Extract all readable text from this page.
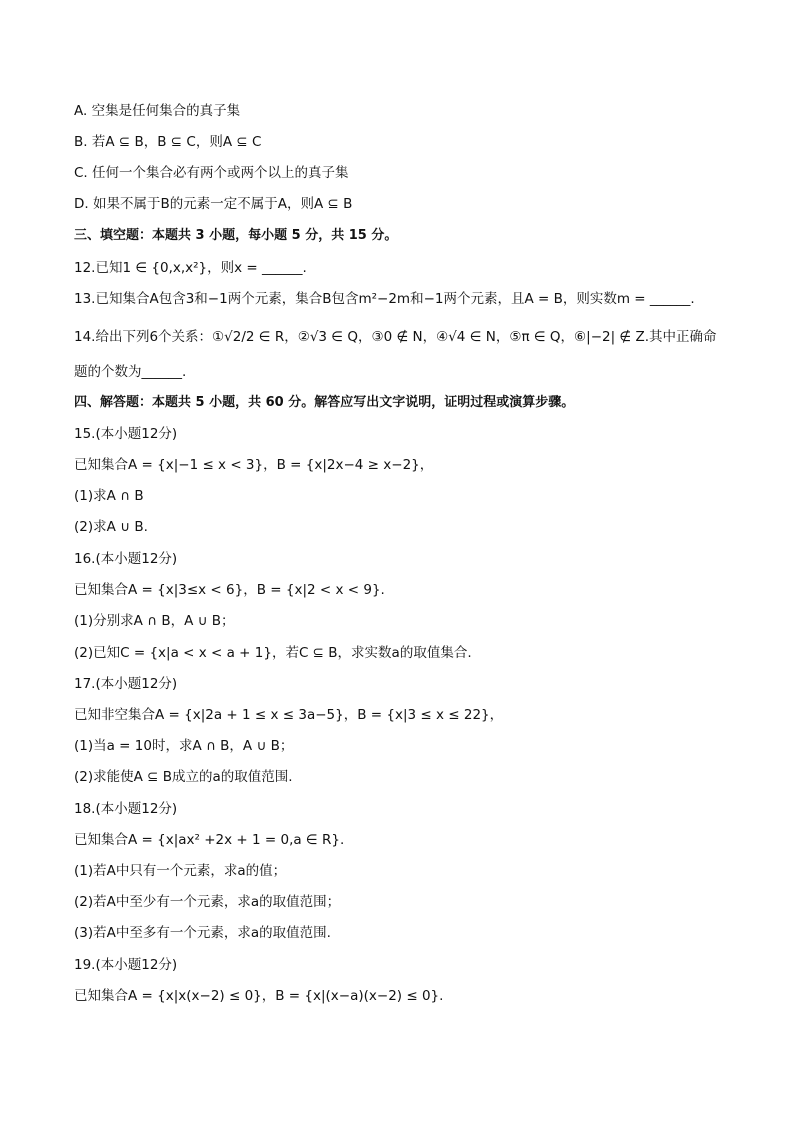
A. 空集是任何集合的真子集
B. 若A ⊆ B，B ⊆ C，则A ⊆ C
C. 任何一个集合必有两个或两个以上的真子集
D. 如果不属于B的元素一定不属于A，则A ⊆ B
三、填空题：本题共 3 小题，每小题 5 分，共 15 分。
12.已知1 ∈ {0,x,x²}，则x = ______.
13.已知集合A包含3和−1两个元素，集合B包含m²−2m和−1两个元素，且A = B，则实数m = ______.
14.给出下列6个关系：①√2/2 ∈ R，②√3 ∈ Q，③0 ∉ N，④√4 ∈ N，⑤π ∈ Q，⑥|−2| ∉ Z.其中正确命
题的个数为______.
四、解答题：本题共 5 小题，共 60 分。解答应写出文字说明，证明过程或演算步骤。
15.(本小题12分)
已知集合A = {x|−1 ≤ x < 3}，B = {x|2x−4 ≥ x−2}，
(1)求A ∩ B
(2)求A ∪ B.
16.(本小题12分)
已知集合A = {x|3≤x < 6}，B = {x|2 < x < 9}.
(1)分别求A ∩ B，A ∪ B；
(2)已知C = {x|a < x < a + 1}，若C ⊆ B，求实数a的取值集合.
17.(本小题12分)
已知非空集合A = {x|2a + 1 ≤ x ≤ 3a−5}，B = {x|3 ≤ x ≤ 22}，
(1)当a = 10时，求A ∩ B，A ∪ B；
(2)求能使A ⊆ B成立的a的取值范围.
18.(本小题12分)
已知集合A = {x|ax² +2x + 1 = 0,a ∈ R}.
(1)若A中只有一个元素，求a的值；
(2)若A中至少有一个元素，求a的取值范围；
(3)若A中至多有一个元素，求a的取值范围.
19.(本小题12分)
已知集合A = {x|x(x−2) ≤ 0}，B = {x|(x−a)(x−2) ≤ 0}.
